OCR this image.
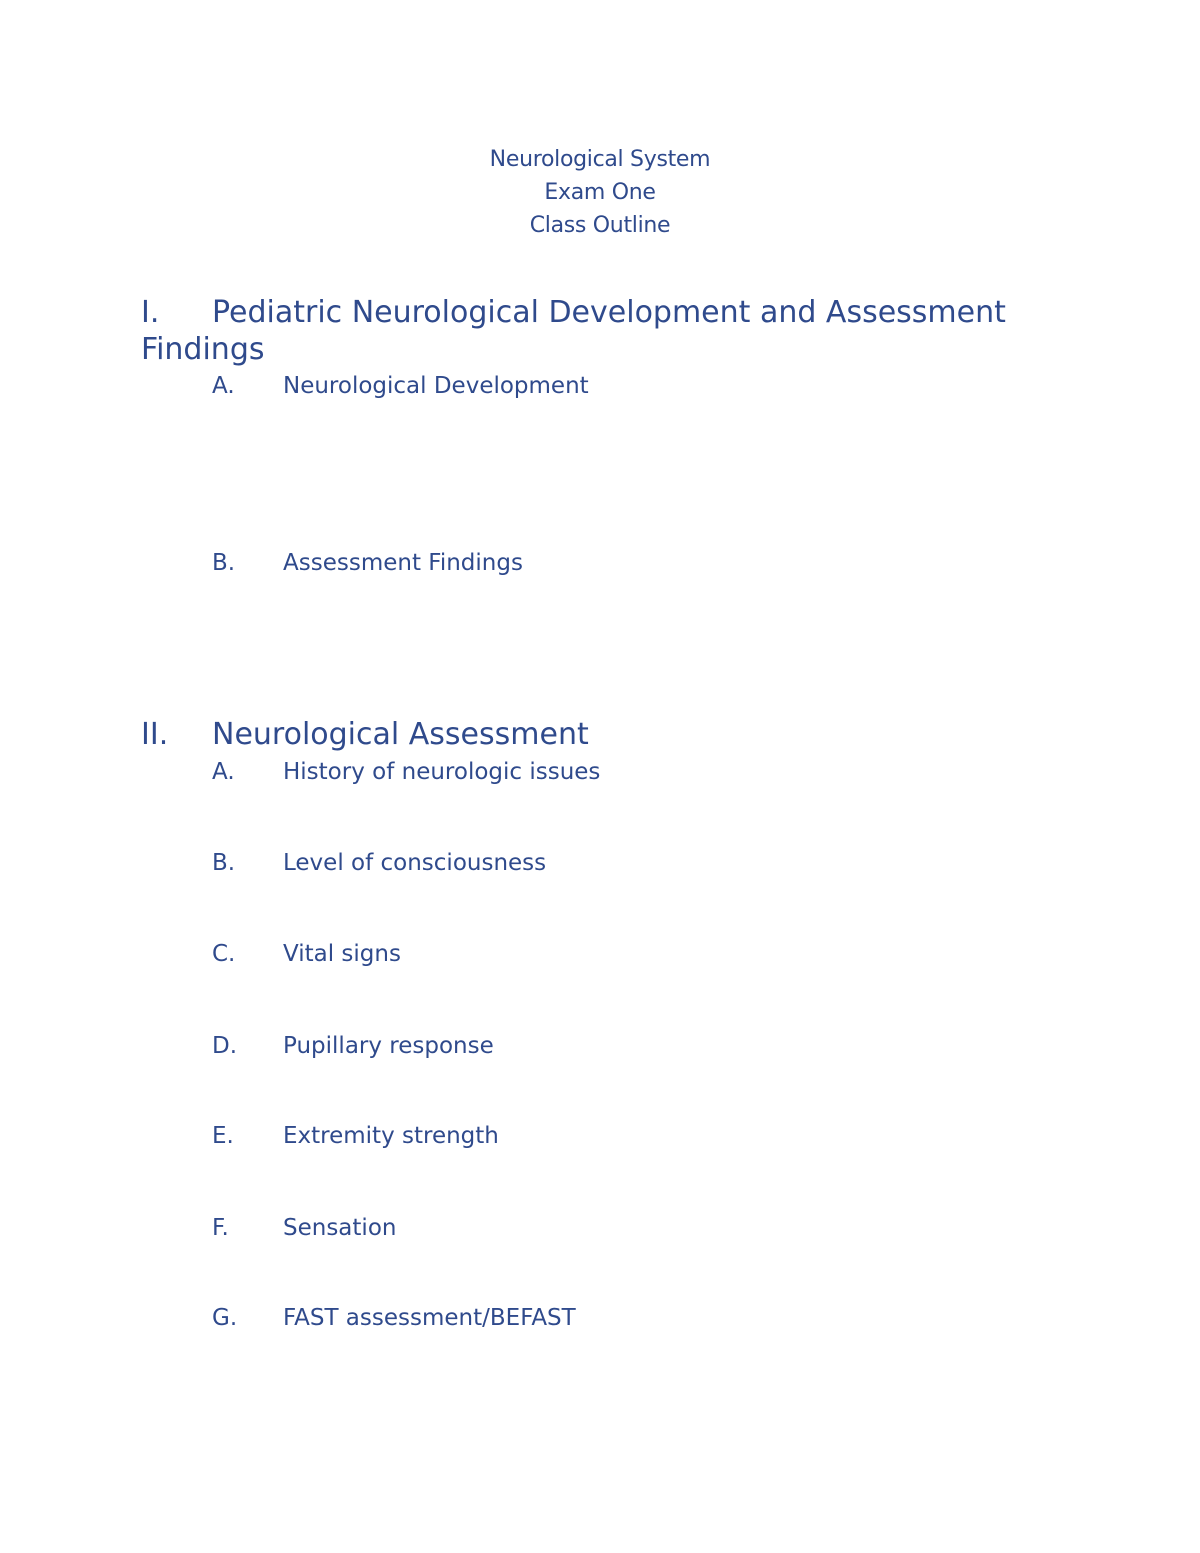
Neurological System
Exam One
Class Outline
I. Pediatric Neurological Development and Assessment Findings
A. Neurological Development
B. Assessment Findings
II. Neurological Assessment
A. History of neurologic issues
B. Level of consciousness
C. Vital signs
D. Pupillary response
E. Extremity strength
F. Sensation
G. FAST assessment/BEFAST
